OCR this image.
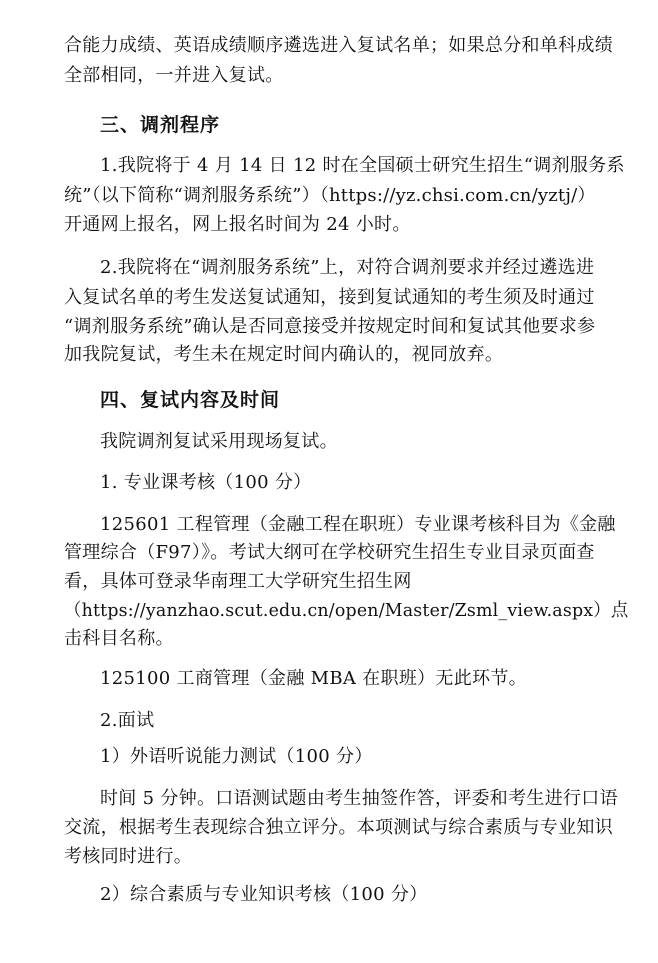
合能力成绩、英语成绩顺序遴选进入复试名单；如果总分和单科成绩
全部相同，一并进入复试。
三、调剂程序
1.我院将于 4 月 14 日 12 时在全国硕士研究生招生“调剂服务系
统”（以下简称“调剂服务系统”）（https://yz.chsi.com.cn/yztj/）
开通网上报名，网上报名时间为 24 小时。
2.我院将在“调剂服务系统”上，对符合调剂要求并经过遴选进
入复试名单的考生发送复试通知，接到复试通知的考生须及时通过
“调剂服务系统”确认是否同意接受并按规定时间和复试其他要求参
加我院复试，考生未在规定时间内确认的，视同放弃。
四、复试内容及时间
我院调剂复试采用现场复试。
1. 专业课考核（100 分）
125601 工程管理（金融工程在职班）专业课考核科目为《金融
管理综合（F97）》。考试大纲可在学校研究生招生专业目录页面查
看，具体可登录华南理工大学研究生招生网
（https://yanzhao.scut.edu.cn/open/Master/Zsml_view.aspx）点
击科目名称。
125100 工商管理（金融 MBA 在职班）无此环节。
2.面试
1）外语听说能力测试（100 分）
时间 5 分钟。口语测试题由考生抽签作答，评委和考生进行口语
交流，根据考生表现综合独立评分。本项测试与综合素质与专业知识
考核同时进行。
2）综合素质与专业知识考核（100 分）
